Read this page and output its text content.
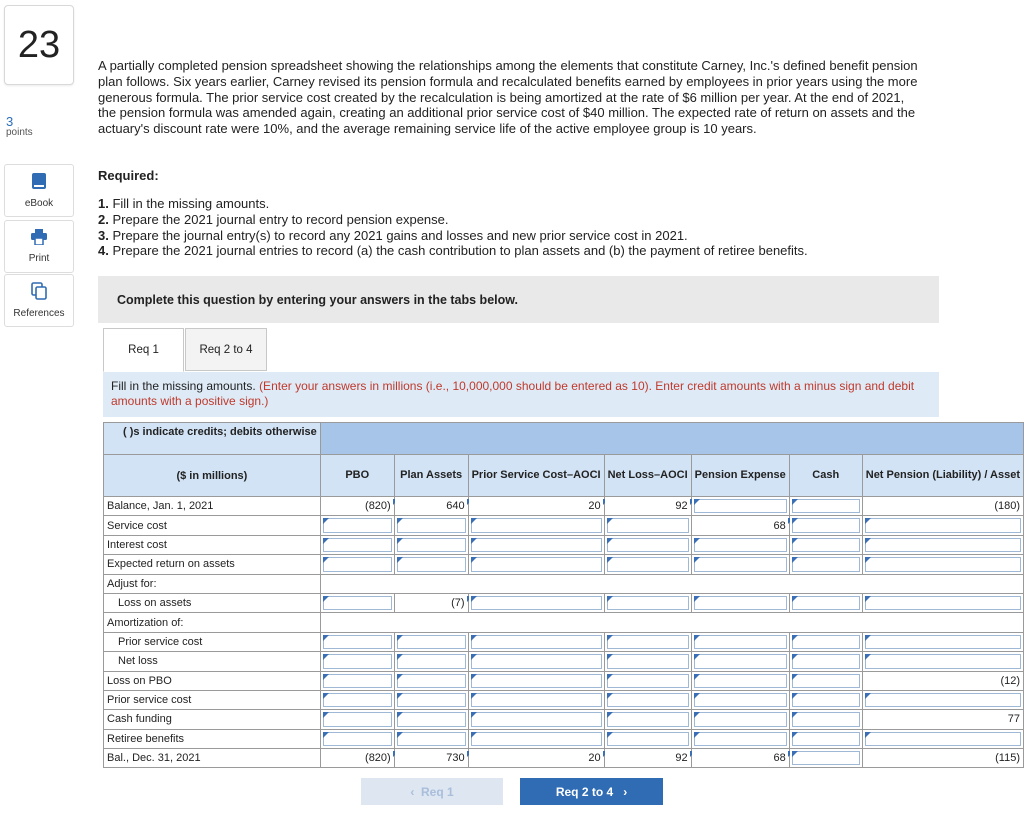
23
3
points
eBook
Print
References
A partially completed pension spreadsheet showing the relationships among the elements that constitute Carney, Inc.'s defined benefit pension plan follows. Six years earlier, Carney revised its pension formula and recalculated benefits earned by employees in prior years using the more generous formula. The prior service cost created by the recalculation is being amortized at the rate of $6 million per year. At the end of 2021, the pension formula was amended again, creating an additional prior service cost of $40 million. The expected rate of return on assets and the actuary's discount rate were 10%, and the average remaining service life of the active employee group is 10 years.
Required:
1. Fill in the missing amounts.
2. Prepare the 2021 journal entry to record pension expense.
3. Prepare the journal entry(s) to record any 2021 gains and losses and new prior service cost in 2021.
4. Prepare the 2021 journal entries to record (a) the cash contribution to plan assets and (b) the payment of retiree benefits.
Complete this question by entering your answers in the tabs below.
Req 1	Req 2 to 4
Fill in the missing amounts. (Enter your answers in millions (i.e., 10,000,000 should be entered as 10). Enter credit amounts with a minus sign and debit amounts with a positive sign.)
( )s indicate credits; debits otherwise							

($ in millions)	PBO	Plan Assets	Prior Service Cost–AOCI	Net Loss–AOCI	Pension Expense	Cash	Net Pension (Liability) / Asset
Balance, Jan. 1, 2021	(820)	640	20	92			(180)
Service cost					68

Interest cost	

Expected return on assets	

Adjust for:							
Loss on assets		(7)

Amortization of:							
Prior service cost	

Net loss	

Loss on PBO							(12)
Prior service cost	

Cash funding							77
Retiree benefits	

Bal., Dec. 31, 2021	(820)	730	20	92	68		(115)
‹
Req 1	Req 2 to 4
›
